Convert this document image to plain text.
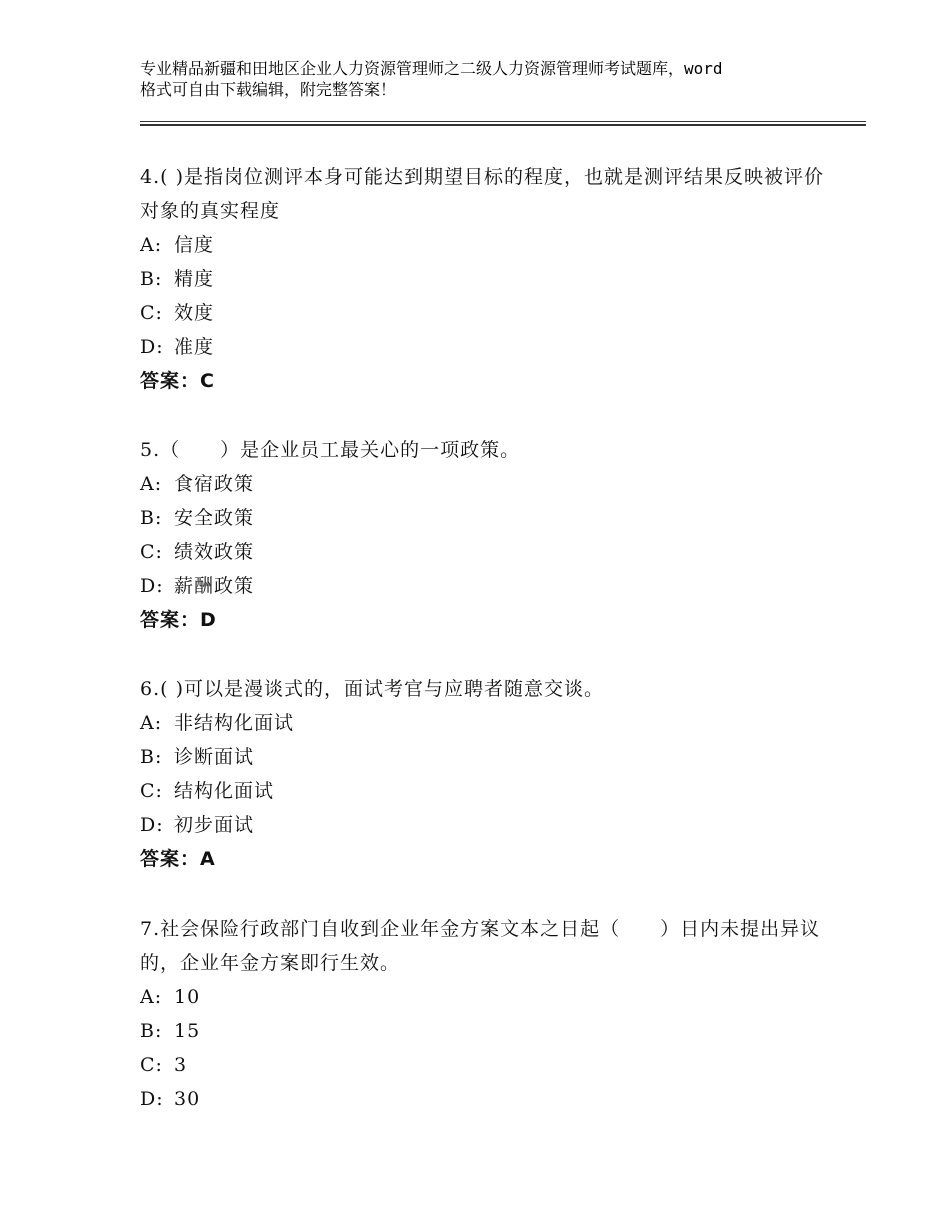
专业精品新疆和田地区企业人力资源管理师之二级人力资源管理师考试题库，word
格式可自由下载编辑，附完整答案！
4.( )是指岗位测评本身可能达到期望目标的程度，也就是测评结果反映被评价对象的真实程度
A: 信度
B: 精度
C: 效度
D: 准度
答案：C
5.（　　）是企业员工最关心的一项政策。
A: 食宿政策
B: 安全政策
C: 绩效政策
D: 薪酬政策
答案：D
6.( )可以是漫谈式的，面试考官与应聘者随意交谈。
A: 非结构化面试
B: 诊断面试
C: 结构化面试
D: 初步面试
答案：A
7.社会保险行政部门自收到企业年金方案文本之日起（　　）日内未提出异议的，企业年金方案即行生效。
A: 10
B: 15
C: 3
D: 30
